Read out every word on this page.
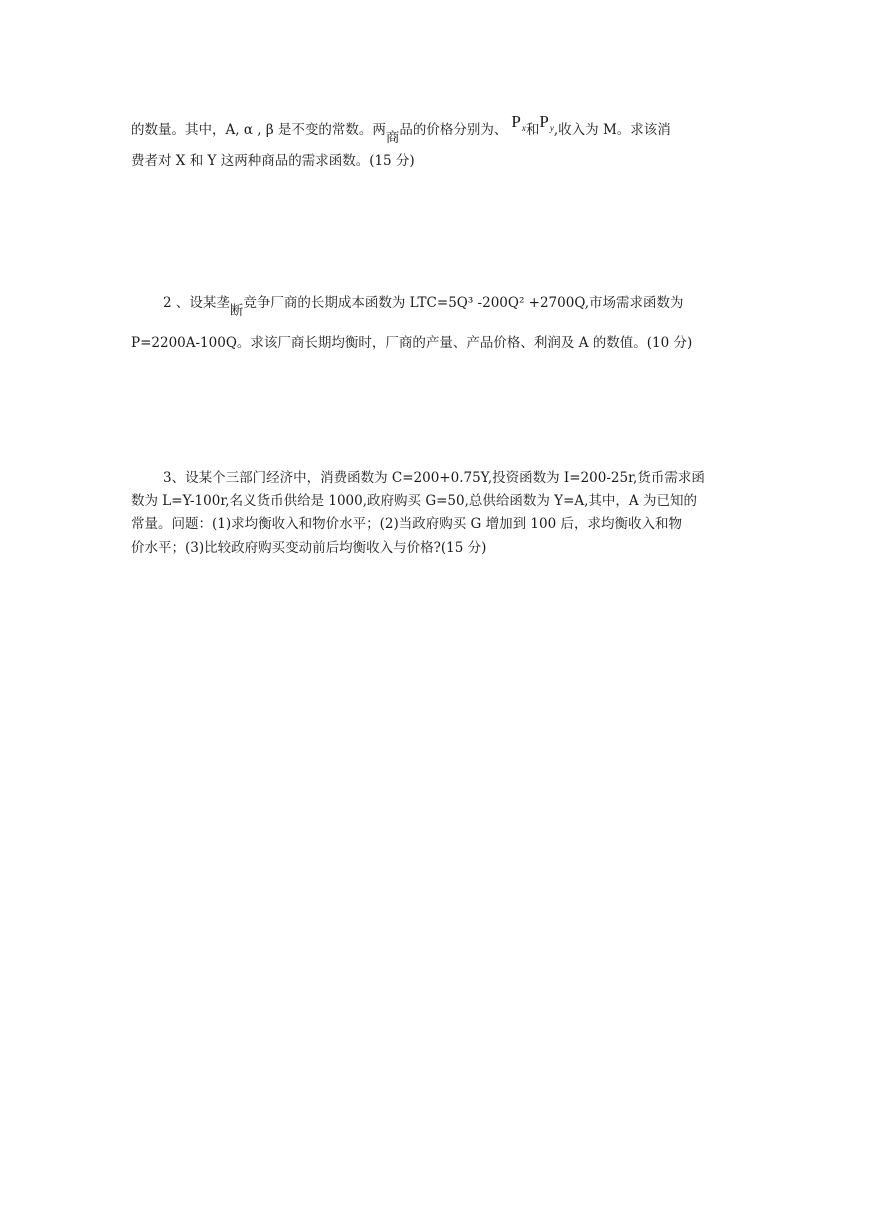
的数量。其中，A, α , β 是不变的常数。两商品的价格分别为、 $P^x$和$P^y$,收入为 M。求该消
费者对 X 和 Y 这两种商品的需求函数。(15 分)
2 、设某垄断竞争厂商的长期成本函数为 LTC=5Q³ -200Q² +2700Q,市场需求函数为
P=2200A-100Q。求该厂商长期均衡时，厂商的产量、产品价格、利润及 A 的数值。(10 分)
3、设某个三部门经济中，消费函数为 C=200+0.75Y,投资函数为 I=200-25r,货币需求函
数为 L=Y-100r,名义货币供给是 1000,政府购买 G=50,总供给函数为 Y=A,其中，A 为已知的
常量。问题：(1)求均衡收入和物价水平；(2)当政府购买 G 增加到 100 后，求均衡收入和物
价水平；(3)比较政府购买变动前后均衡收入与价格?(15 分)
